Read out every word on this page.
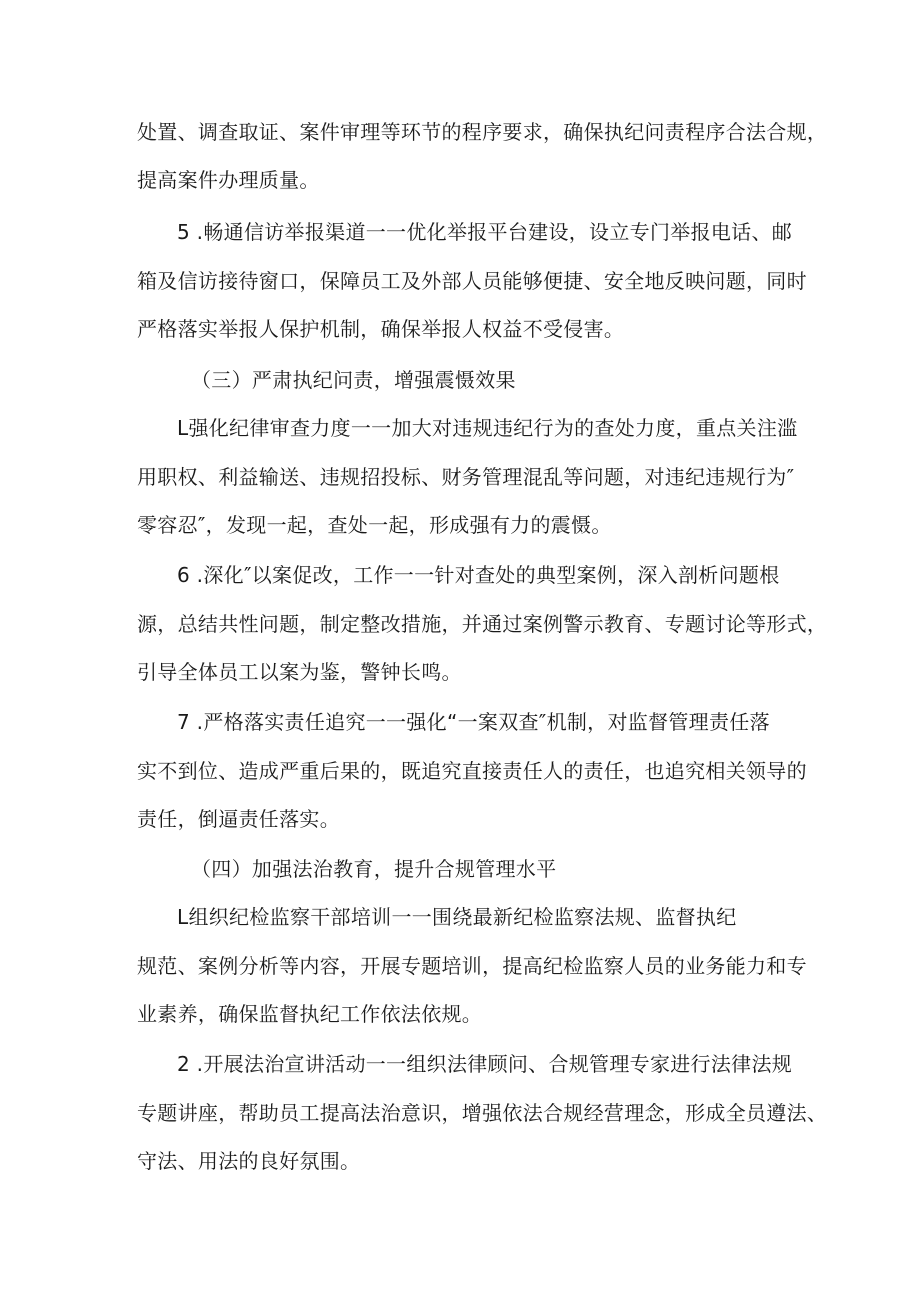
处置、调查取证、案件审理等环节的程序要求，确保执纪问责程序合法合规，

提高案件办理质量。

5 .畅通信访举报渠道一一优化举报平台建设，设立专门举报电话、邮

箱及信访接待窗口，保障员工及外部人员能够便捷、安全地反映问题，同时

严格落实举报人保护机制，确保举报人权益不受侵害。

（三）严肃执纪问责，增强震慑效果

L强化纪律审查力度一一加大对违规违纪行为的查处力度，重点关注滥

用职权、利益输送、违规招投标、财务管理混乱等问题，对违纪违规行为″

零容忍″，发现一起，查处一起，形成强有力的震慑。

6 .深化″以案促改，工作一一针对查处的典型案例，深入剖析问题根

源，总结共性问题，制定整改措施，并通过案例警示教育、专题讨论等形式，

引导全体员工以案为鉴，警钟长鸣。

7 .严格落实责任追究一一强化“一案双查″机制，对监督管理责任落

实不到位、造成严重后果的，既追究直接责任人的责任，也追究相关领导的

责任，倒逼责任落实。

（四）加强法治教育，提升合规管理水平

L组织纪检监察干部培训一一围绕最新纪检监察法规、监督执纪

规范、案例分析等内容，开展专题培训，提高纪检监察人员的业务能力和专

业素养，确保监督执纪工作依法依规。

2 .开展法治宣讲活动一一组织法律顾问、合规管理专家进行法律法规

专题讲座，帮助员工提高法治意识，增强依法合规经营理念，形成全员遵法、

守法、用法的良好氛围。
